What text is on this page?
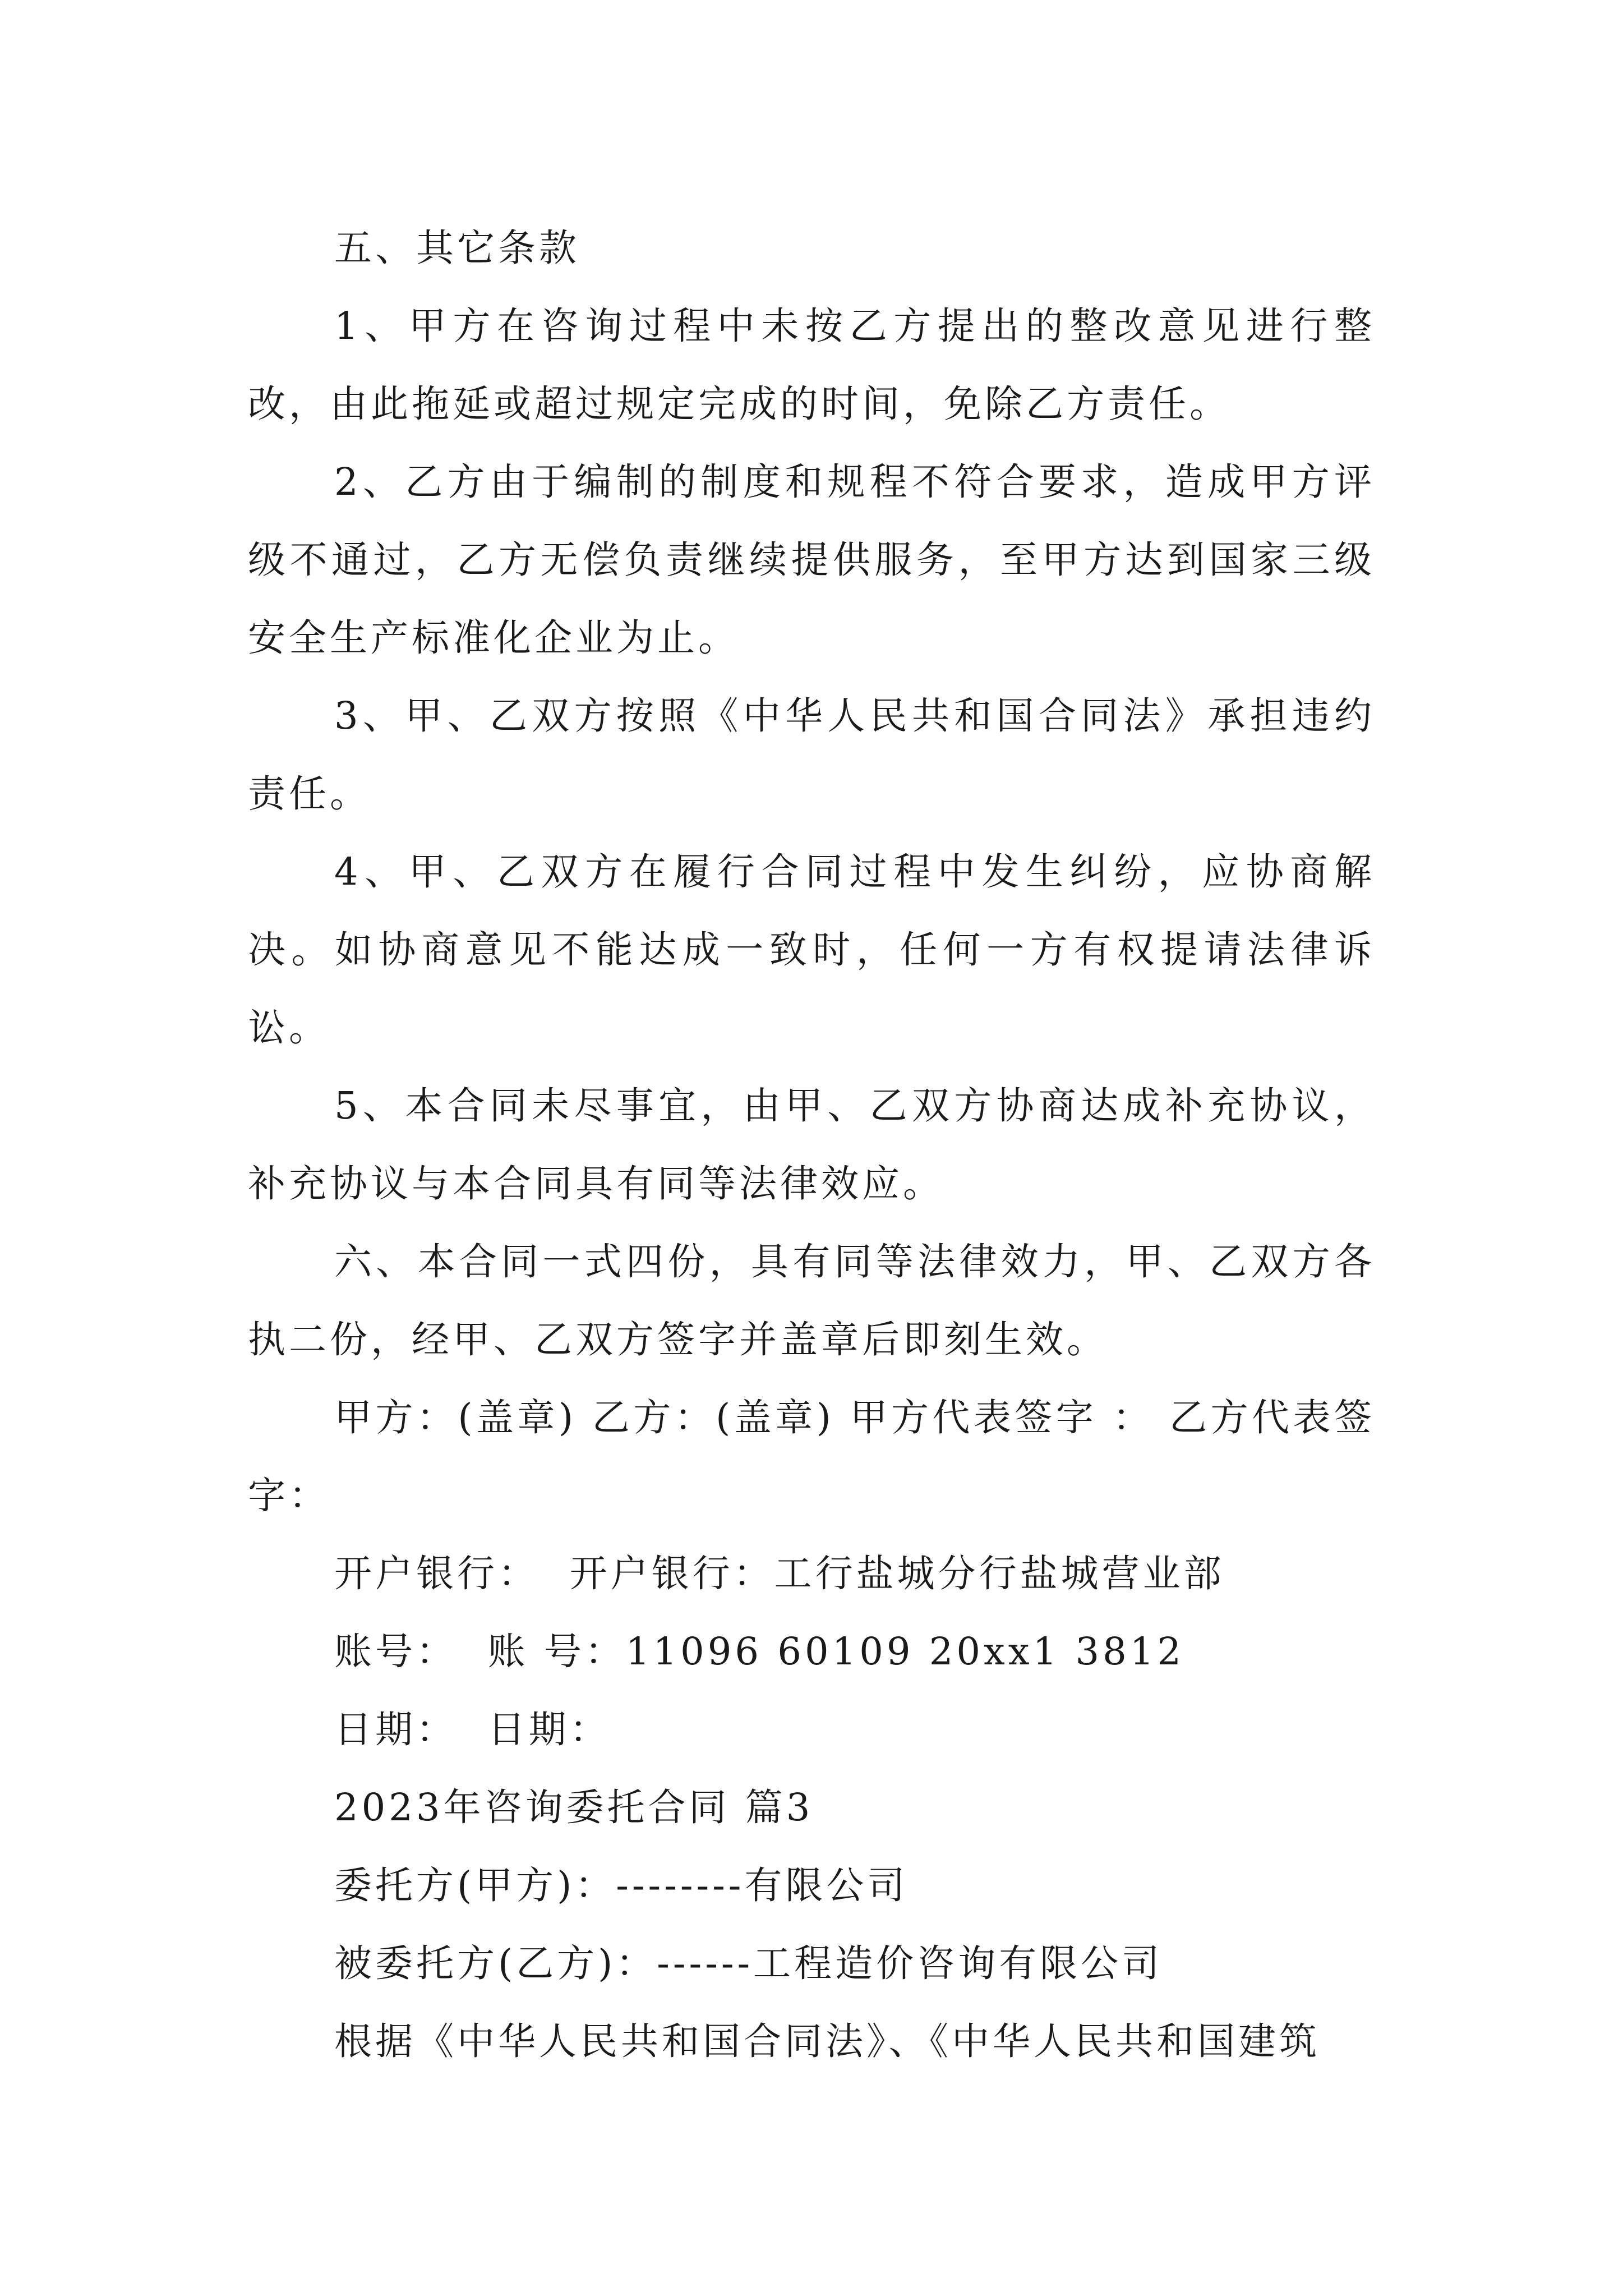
五、其它条款

1、甲方在咨询过程中未按乙方提出的整改意见进行整改，由此拖延或超过规定完成的时间，免除乙方责任。

2、乙方由于编制的制度和规程不符合要求，造成甲方评级不通过，乙方无偿负责继续提供服务，至甲方达到国家三级安全生产标准化企业为止。

3、甲、乙双方按照《中华人民共和国合同法》承担违约责任。

4、甲、乙双方在履行合同过程中发生纠纷，应协商解决。如协商意见不能达成一致时，任何一方有权提请法律诉讼。

5、本合同未尽事宜，由甲、乙双方协商达成补充协议，补充协议与本合同具有同等法律效应。

六、本合同一式四份，具有同等法律效力，甲、乙双方各执二份，经甲、乙双方签字并盖章后即刻生效。

甲方：(盖章) 乙方：(盖章) 甲方代表签字 ： 乙方代表签字：

开户银行：  开户银行：工行盐城分行盐城营业部

账号：  账 号：11096 60109 20xx1 3812

日期：  日期：

2023年咨询委托合同 篇3

委托方(甲方)：--------有限公司

被委托方(乙方)：------工程造价咨询有限公司

根据《中华人民共和国合同法》、《中华人民共和国建筑
